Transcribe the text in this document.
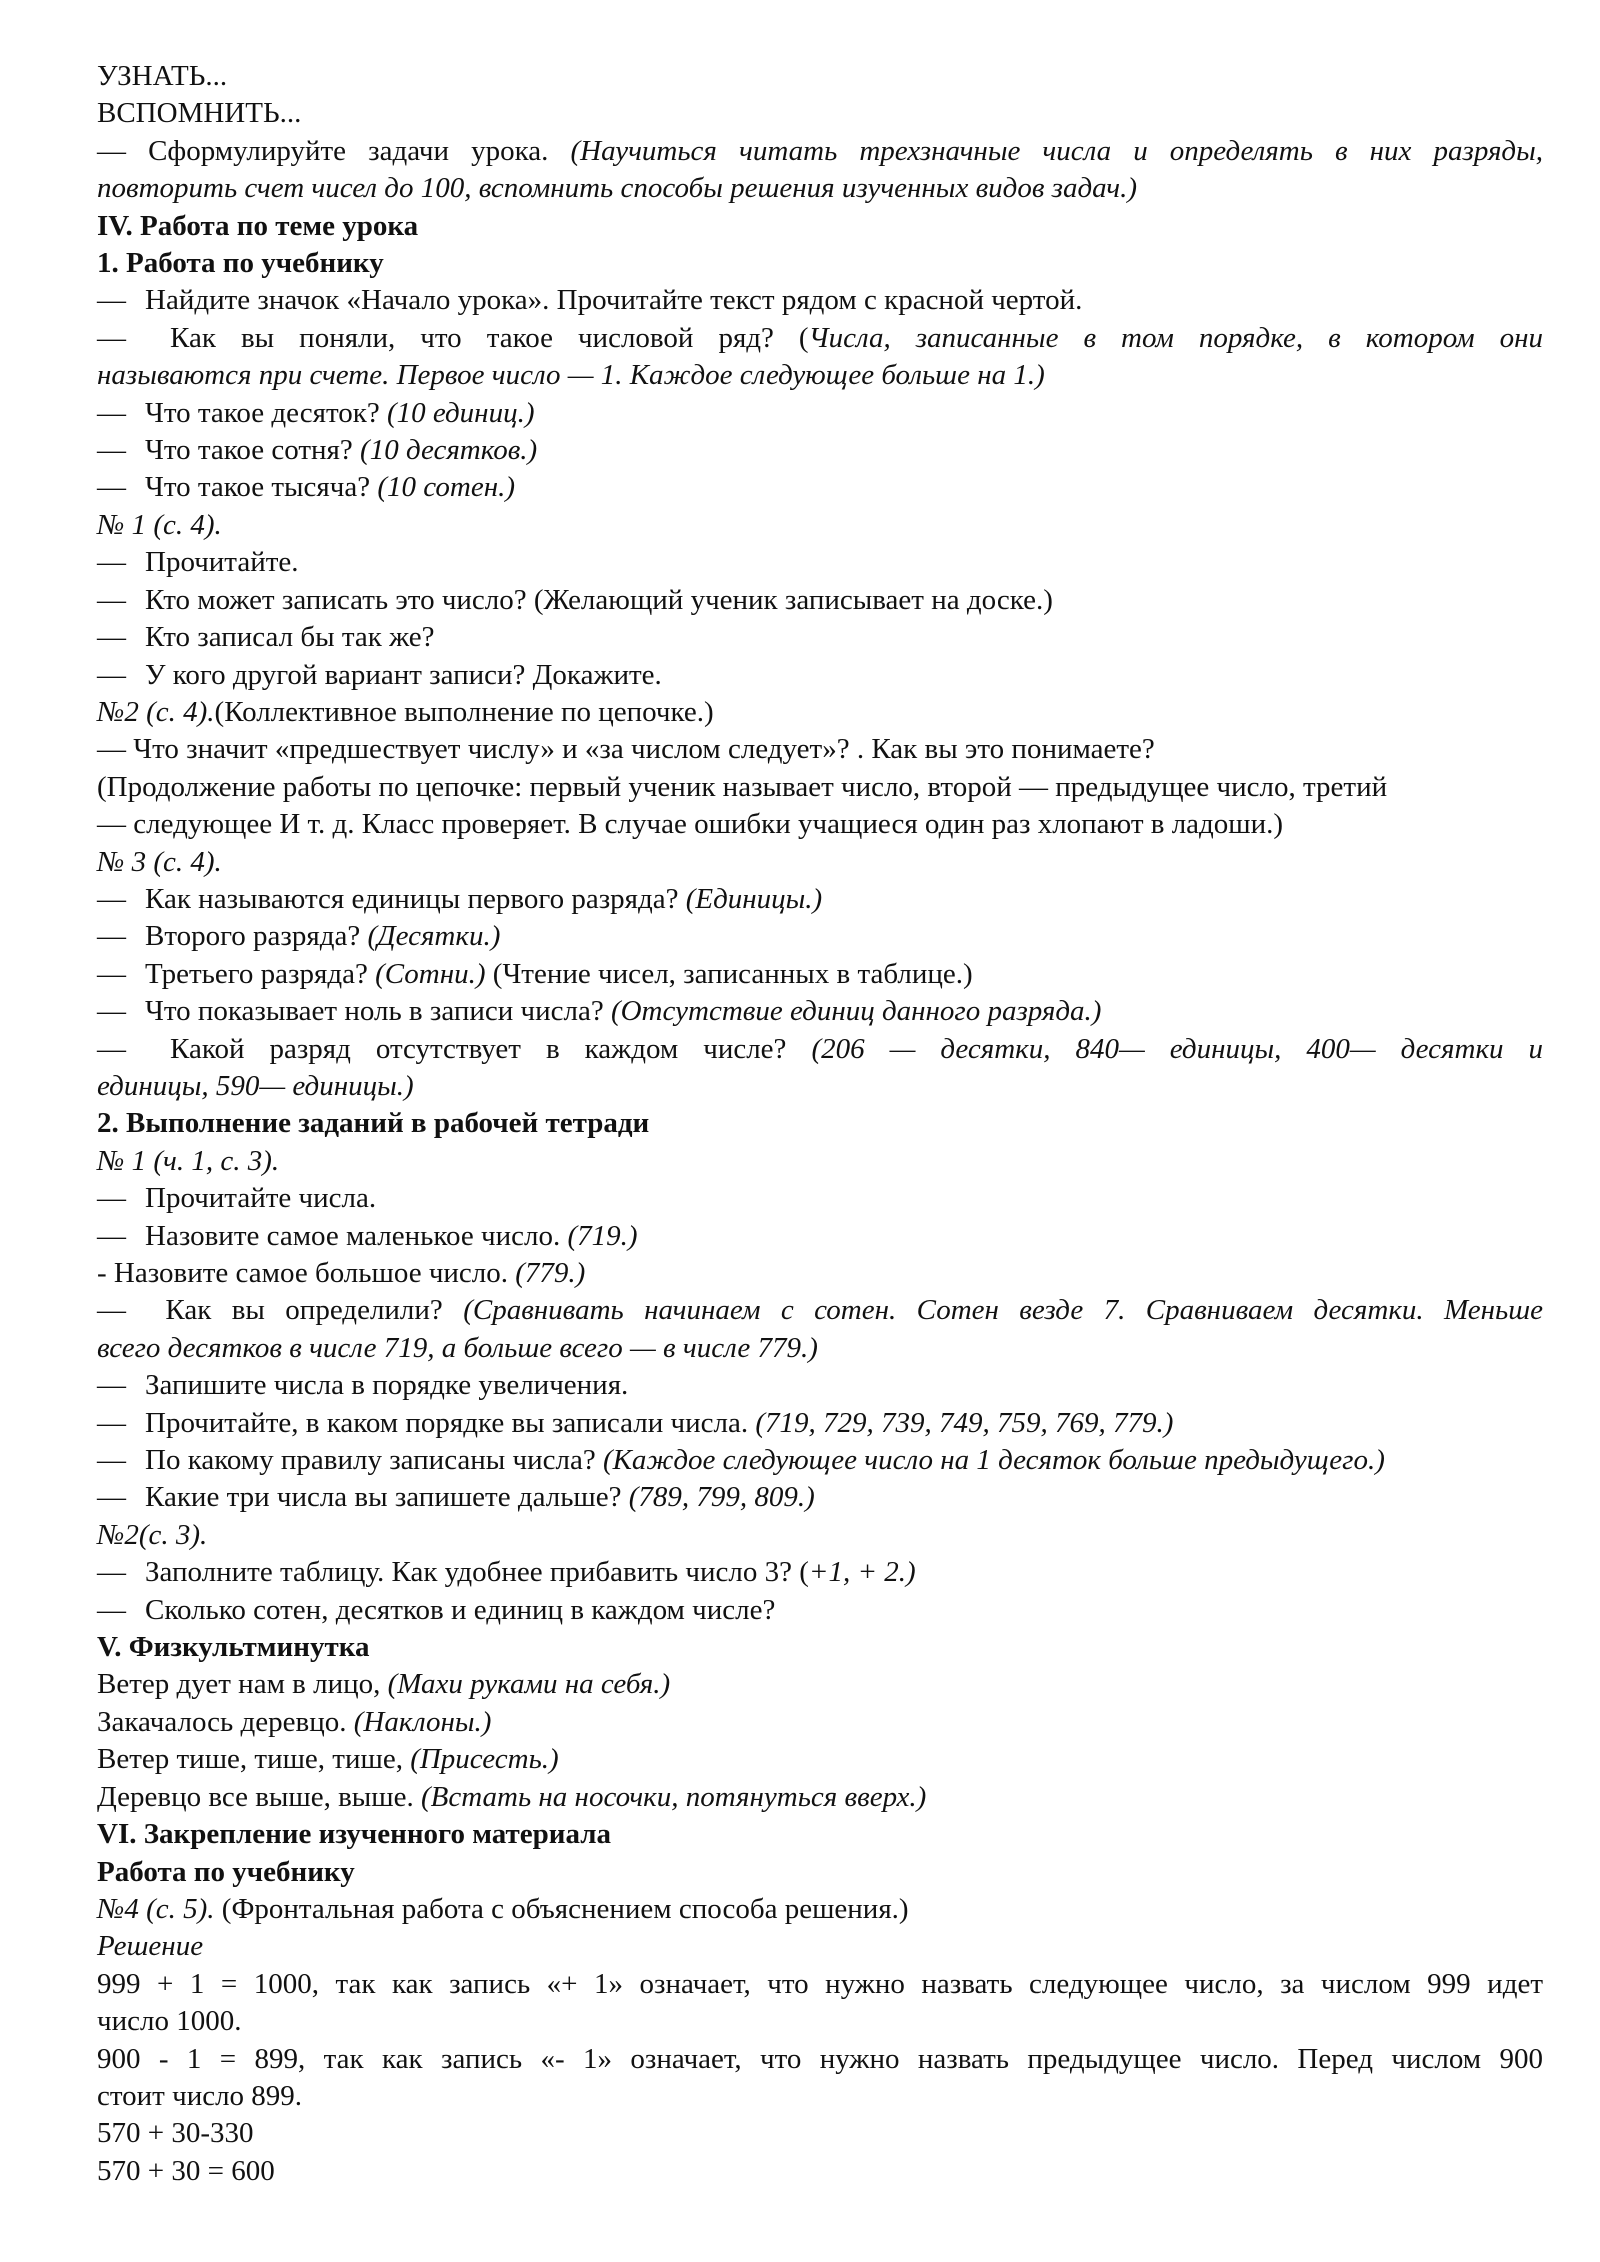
УЗНАТЬ...
ВСПОМНИТЬ...
— Сформулируйте задачи урока. (Научиться читать трехзначные числа и определять в них разряды,
повторить счет чисел до 100, вспомнить способы решения изученных видов задач.)
IV. Работа по теме урока
1. Работа по учебнику
— Найдите значок «Начало урока». Прочитайте текст рядом с красной чертой.
— Как вы поняли, что такое числовой ряд? (Числа, записанные в том порядке, в котором они
называются при счете. Первое число — 1. Каждое следующее больше на 1.)
— Что такое десяток? (10 единиц.)
— Что такое сотня? (10 десятков.)
— Что такое тысяча? (10 сотен.)
№ 1 (с. 4).
— Прочитайте.
— Кто может записать это число? (Желающий ученик записывает на доске.)
— Кто записал бы так же?
— У кого другой вариант записи? Докажите.
№2 (с. 4).(Коллективное выполнение по цепочке.)
— Что значит «предшествует числу» и «за числом следует»? . Как вы это понимаете?
(Продолжение работы по цепочке: первый ученик называет число, второй — предыдущее число, третий
— следующее И т. д. Класс проверяет. В случае ошибки учащиеся один раз хлопают в ладоши.)
№ 3 (с. 4).
— Как называются единицы первого разряда? (Единицы.)
— Второго разряда? (Десятки.)
— Третьего разряда? (Сотни.) (Чтение чисел, записанных в таблице.)
— Что показывает ноль в записи числа? (Отсутствие единиц данного разряда.)
— Какой разряд отсутствует в каждом числе? (206 — десятки, 840— единицы, 400— десятки и
единицы, 590— единицы.)
2. Выполнение заданий в рабочей тетради
№ 1 (ч. 1, с. 3).
— Прочитайте числа.
— Назовите самое маленькое число. (719.)
- Назовите самое большое число. (779.)
— Как вы определили? (Сравнивать начинаем с сотен. Сотен везде 7. Сравниваем десятки. Меньше
всего десятков в числе 719, а больше всего — в числе 779.)
— Запишите числа в порядке увеличения.
— Прочитайте, в каком порядке вы записали числа. (719, 729, 739, 749, 759, 769, 779.)
— По какому правилу записаны числа? (Каждое следующее число на 1 десяток больше предыдущего.)
— Какие три числа вы запишете дальше? (789, 799, 809.)
№2(с. 3).
— Заполните таблицу. Как удобнее прибавить число 3? (+1, + 2.)
— Сколько сотен, десятков и единиц в каждом числе?
V. Физкультминутка
Ветер дует нам в лицо, (Махи руками на себя.)
Закачалось деревцо. (Наклоны.)
Ветер тише, тише, тише, (Присесть.)
Деревцо все выше, выше. (Встать на носочки, потянуться вверх.)
VI. Закрепление изученного материала
Работа по учебнику
№4 (с. 5). (Фронтальная работа с объяснением способа решения.)
Решение
999 + 1 = 1000, так как запись «+ 1» означает, что нужно назвать следующее число, за числом 999 идет
число 1000.
900 - 1 = 899, так как запись «- 1» означает, что нужно назвать предыдущее число. Перед числом 900
стоит число 899.
570 + 30-330
570 + 30 = 600
